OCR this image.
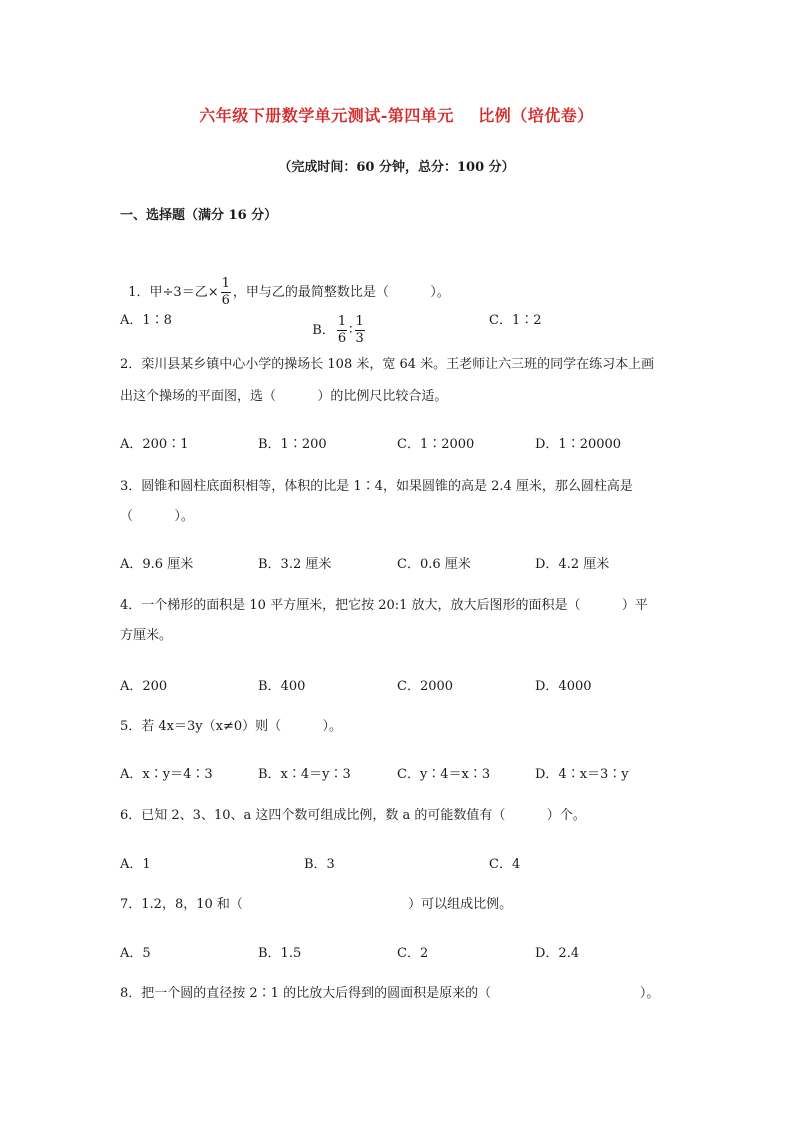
六年级下册数学单元测试-第四单元    比例（培优卷）
（完成时间：60 分钟，总分：100 分）
一、选择题（满分 16 分）

1．甲÷3＝乙× $\frac{1}{6}$ ，甲与乙的最简整数比是（          ）。

A．1∶8

B． $\frac{1}{6}$ ∶ $\frac{1}{3}$	C．1∶2
2．栾川县某乡镇中心小学的操场长 108 米，宽 64 米。王老师让六三班的同学在练习本上画
出这个操场的平面图，选（          ）的比例尺比较合适。
A．200∶1	B．1∶200	C．1∶2000	D．1∶20000
3．圆锥和圆柱底面积相等，体积的比是 1∶4，如果圆锥的高是 2.4 厘米，那么圆柱高是
（          ）。
A．9.6 厘米	B．3.2 厘米	C．0.6 厘米	D．4.2 厘米
4．一个梯形的面积是 10 平方厘米，把它按 20:1 放大，放大后图形的面积是（          ）平
方厘米。
A．200	B．400	C．2000	D．4000
5．若 4x＝3y（x≠0）则（          ）。
A．x∶y＝4∶3	B．x∶4＝y∶3	C．y∶4＝x∶3	D．4∶x＝3∶y
6．已知 2、3、10、a 这四个数可组成比例，数 a 的可能数值有（          ）个。
A．1	B．3	C．4
7．1.2，8，10 和（                                        ）可以组成比例。
A．5	B．1.5	C．2	D．2.4
8．把一个圆的直径按 2∶1 的比放大后得到的圆面积是原来的（                                    ）。
